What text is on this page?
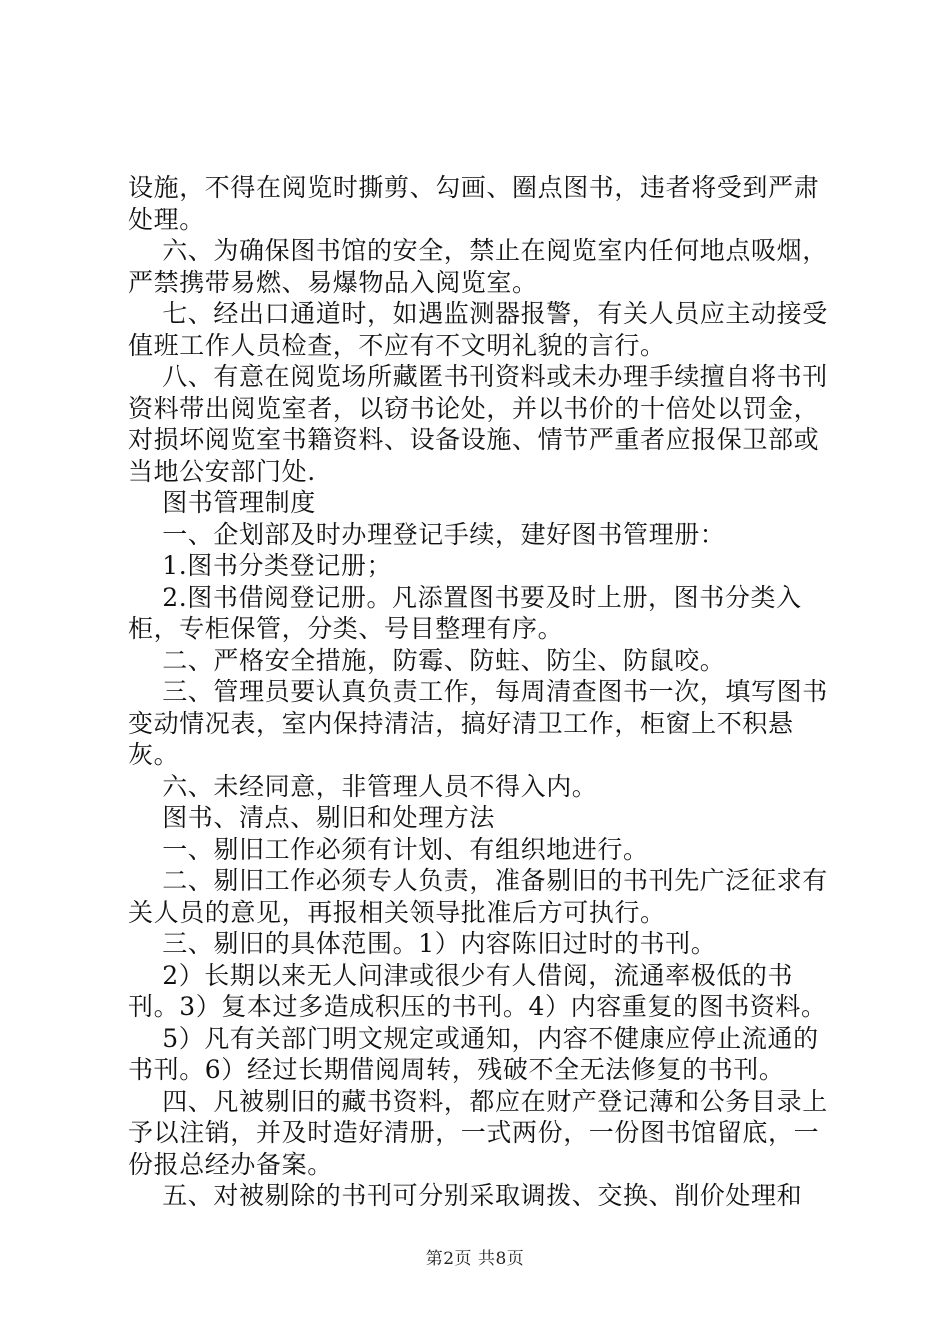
设施，不得在阅览时撕剪、勾画、圈点图书，违者将受到严肃处理。

六、为确保图书馆的安全，禁止在阅览室内任何地点吸烟，严禁携带易燃、易爆物品入阅览室。

七、经出口通道时，如遇监测器报警，有关人员应主动接受值班工作人员检查，不应有不文明礼貌的言行。

八、有意在阅览场所藏匿书刊资料或未办理手续擅自将书刊资料带出阅览室者，以窃书论处，并以书价的十倍处以罚金，对损坏阅览室书籍资料、设备设施、情节严重者应报保卫部或当地公安部门处.

图书管理制度

一、企划部及时办理登记手续，建好图书管理册：

1.图书分类登记册；

2.图书借阅登记册。凡添置图书要及时上册，图书分类入柜，专柜保管，分类、号目整理有序。

二、严格安全措施，防霉、防蛀、防尘、防鼠咬。

三、管理员要认真负责工作，每周清查图书一次，填写图书变动情况表，室内保持清洁，搞好清卫工作，柜窗上不积悬灰。

六、未经同意，非管理人员不得入内。

图书、清点、剔旧和处理方法

一、剔旧工作必须有计划、有组织地进行。

二、剔旧工作必须专人负责，准备剔旧的书刊先广泛征求有关人员的意见，再报相关领导批准后方可执行。

三、剔旧的具体范围。1）内容陈旧过时的书刊。

2）长期以来无人问津或很少有人借阅，流通率极低的书刊。3）复本过多造成积压的书刊。4）内容重复的图书资料。

5）凡有关部门明文规定或通知，内容不健康应停止流通的书刊。6）经过长期借阅周转，残破不全无法修复的书刊。

四、凡被剔旧的藏书资料，都应在财产登记薄和公务目录上予以注销，并及时造好清册，一式两份，一份图书馆留底，一份报总经办备案。

五、对被剔除的书刊可分别采取调拨、交换、削价处理和

第2页 共8页
